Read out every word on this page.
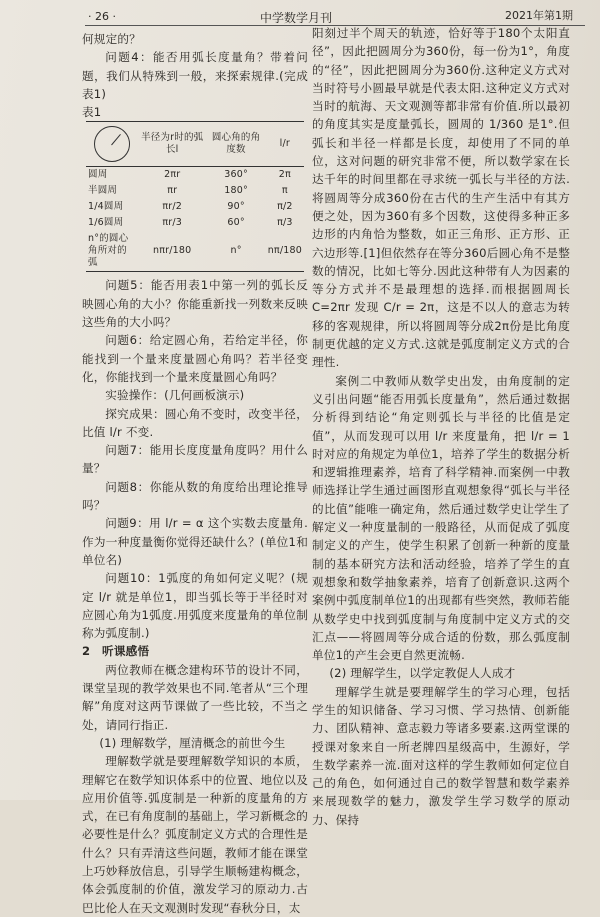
· 26 ·	中学数学月刊	2021年第1期

何规定的？

问题4：能否用弧长度量角？带着问题，我们从特殊到一般，来探索规律.(完成表1)

表1

	半径为r时的弧长l	圆心角的角度数	l/r
圆周	2πr	360°	2π
半圆周	πr	180°	π
1/4圆周	πr/2	90°	π/2
1/6圆周	πr/3	60°	π/3
n°的圆心角所对的弧	nπr/180	n°	nπ/180

问题5：能否用表1中第一列的弧长反映圆心角的大小？你能重新找一列数来反映这些角的大小吗？

问题6：给定圆心角，若给定半径，你能找到一个量来度量圆心角吗？若半径变化，你能找到一个量来度量圆心角吗？

实验操作：(几何画板演示)

探究成果：圆心角不变时，改变半径，比值 l/r 不变.

问题7：能用长度度量角度吗？用什么量？

问题8：你能从数的角度给出理论推导吗？

问题9：用 l/r = α 这个实数去度量角.作为一种度量衡你觉得还缺什么？(单位1和单位名)

问题10：1弧度的角如何定义呢？(规定 l/r 就是单位1，即当弧长等于半径时对应圆心角为1弧度.用弧度来度量角的单位制称为弧度制.)

2　听课感悟

两位教师在概念建构环节的设计不同，课堂呈现的教学效果也不同.笔者从“三个理解”角度对这两节课做了一些比较，不当之处，请同行指正.

(1) 理解数学，厘清概念的前世今生

理解数学就是要理解数学知识的本质，理解它在数学知识体系中的位置、地位以及应用价值等.弧度制是一种新的度量角的方式，在已有角度制的基础上，学习新概念的必要性是什么？弧度制定义方式的合理性是什么？只有弄清这些问题，教师才能在课堂上巧妙释放信息，引导学生顺畅建构概念，体会弧度制的价值，激发学习的原动力.古巴比伦人在天文观测时发现“春秋分日，太

阳刻过半个周天的轨迹，恰好等于180个太阳直径”，因此把圆周分为360份，每一份为1°，角度的“径”，因此把圆周分为360份.这种定义方式对当时符号小圆最早就是代表太阳.这种定义方式对当时的航海、天文观测等都非常有价值.所以最初的角度其实是度量弧长，圆周的 1/360 是1°.但弧长和半径一样都是长度，却使用了不同的单位，这对问题的研究非常不便，所以数学家在长达千年的时间里都在寻求统一弧长与半径的方法.将圆周等分成360份在古代的生产生活中有其方便之处，因为360有多个因数，这使得多种正多边形的内角恰为整数，如正三角形、正方形、正六边形等.[1]但依然存在等分360后圆心角不是整数的情况，比如七等分.因此这种带有人为因素的等分方式并不是最理想的选择.而根据圆周长 C=2πr 发现 C/r = 2π，这是不以人的意志为转移的客观规律，所以将圆周等分成2π份是比角度制更优越的定义方式.这就是弧度制定义方式的合理性.

案例二中教师从数学史出发，由角度制的定义引出问题“能否用弧长度量角”，然后通过数据分析得到结论“角定则弧长与半径的比值是定值”，从而发现可以用 l/r 来度量角，把 l/r = 1 时对应的角规定为单位1，培养了学生的数据分析和逻辑推理素养，培育了科学精神.而案例一中教师选择让学生通过画图形直观想象得“弧长与半径的比值”能唯一确定角，然后通过数学史让学生了解定义一种度量制的一般路径，从而促成了弧度制定义的产生，使学生积累了创新一种新的度量制的基本研究方法和活动经验，培养了学生的直观想象和数学抽象素养，培育了创新意识.这两个案例中弧度制单位1的出现都有些突然，教师若能从数学史中找到弧度制与角度制中定义方式的交汇点——将圆周等分成合适的份数，那么弧度制单位1的产生会更自然更流畅.

(2) 理解学生，以学定教促人人成才

理解学生就是要理解学生的学习心理，包括学生的知识储备、学习习惯、学习热情、创新能力、团队精神、意志毅力等诸多要素.这两堂课的授课对象来自一所老牌四星级高中，生源好，学生数学素养一流.面对这样的学生教师如何定位自己的角色，如何通过自己的数学智慧和数学素养来展现数学的魅力，激发学生学习数学的原动力、保持
